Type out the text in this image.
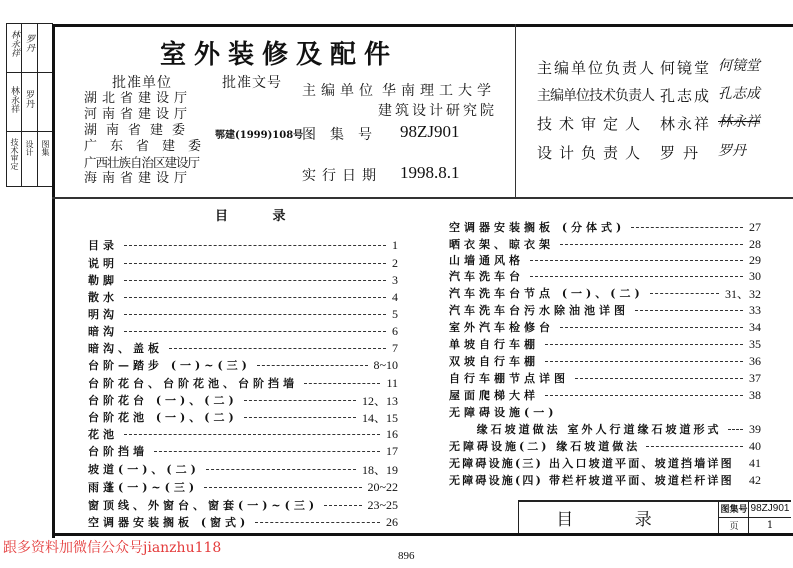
林永祥 罗丹
林永祥 罗丹
技术审定 设计 图集
室外装修及配件
批准单位	批准文号
湖北省建设厅
河南省建设厅
湖南省建委
广东省建委
广西壮族自治区建设厅
海南省建设厅
鄂建(1999)108号
主编单位 华南理工大学
建筑设计研究院
图集号 98ZJ901
实行日期 1998.8.1
主编单位负责人 何镜堂 何镜堂
主编单位技术负责人 孔志成 孔志成
技术审定人 林永祥 林永祥
设计负责人 罗丹 罗丹
目 录
目录	1
说明	2
勒脚	3
散水	4
明沟	5
暗沟	6
暗沟、盖板	7
台阶—踏步 (一)~(三)	8~10
台阶花台、台阶花池、台阶挡墙	11
台阶花台 (一)、(二)	12、13
台阶花池 (一)、(二)	14、15
花池	16
台阶挡墙	17
坡道(一)、(二)	18、19
雨蓬(一)~(三)	20~22
窗顶线、外窗台、窗套(一)~(三)	23~25
空调器安装搁板 (窗式)	26
空调器安装搁板 (分体式)	27
晒衣架、晾衣架	28
山墙通风格	29
汽车洗车台	30
汽车洗车台节点 (一)、(二)	31、32
汽车洗车台污水除油池详图	33
室外汽车检修台	34
单坡自行车棚	35
双坡自行车棚	36
自行车棚节点详图	37
屋面爬梯大样	38
无障碍设施(一)
缘石坡道做法 室外人行道缘石坡道形式 39
无障碍设施(二) 缘石坡道做法	40
无障碍设施(三) 出入口坡道平面、坡道挡墙详图 41
无障碍设施(四) 带栏杆坡道平面、坡道栏杆详图 42
目 录	图集号 98ZJ901
页	1
跟多资料加微信公众号jianzhu118	896
